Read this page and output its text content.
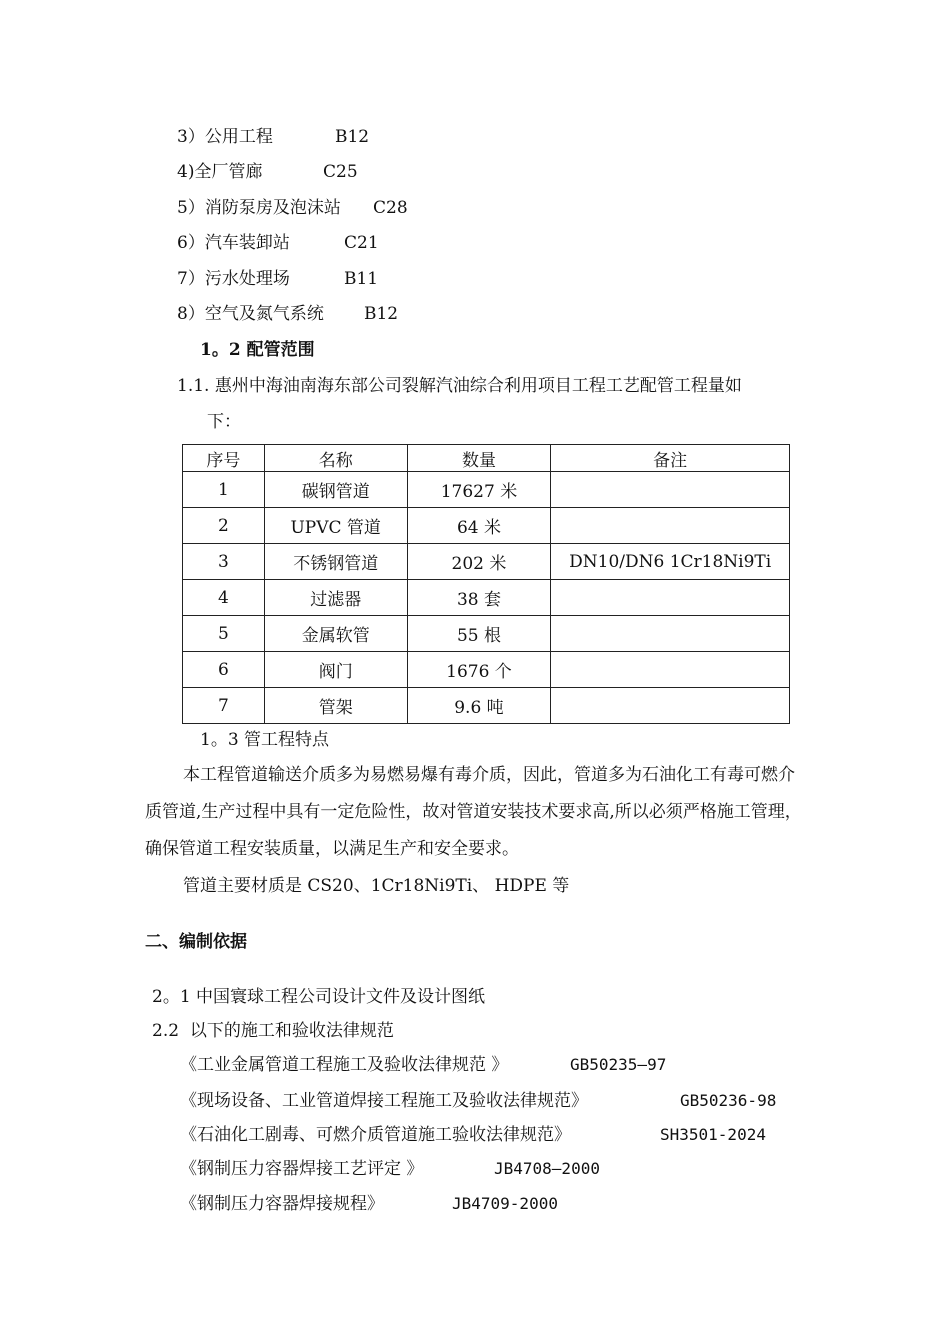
3）公用工程	B12
4)全厂管廊	C25
5）消防泵房及泡沫站 C28
6）汽车装卸站	C21
7）污水处理场	B11
8）空气及氮气系统 B12
1。2 配管范围
1.1. 惠州中海油南海东部公司裂解汽油综合利用项目工程工艺配管工程量如
下：
序号	名称	数量	备注
1	碳钢管道	17627 米	
2	UPVC 管道	64 米	
3	不锈钢管道	202 米	DN10/DN6 1Cr18Ni9Ti
4	过滤器	38 套	
5	金属软管	55 根	
6	阀门	1676 个	
7	管架	9.6 吨	
1。3 管工程特点
本工程管道输送介质多为易燃易爆有毒介质，因此，管道多为石油化工有毒可燃介质管道,生产过程中具有一定危险性，故对管道安装技术要求高,所以必须严格施工管理，确保管道工程安装质量，以满足生产和安全要求。
管道主要材质是 CS20、1Cr18Ni9Ti、 HDPE 等
二、编制依据
2。1 中国寰球工程公司设计文件及设计图纸
2.2  以下的施工和验收法律规范
《工业金属管道工程施工及验收法律规范 》	GB50235—97
《现场设备、工业管道焊接工程施工及验收法律规范》	GB50236-98
《石油化工剧毒、可燃介质管道施工验收法律规范》	SH3501-2024
《钢制压力容器焊接工艺评定 》	JB4708—2000
《钢制压力容器焊接规程》	JB4709-2000
